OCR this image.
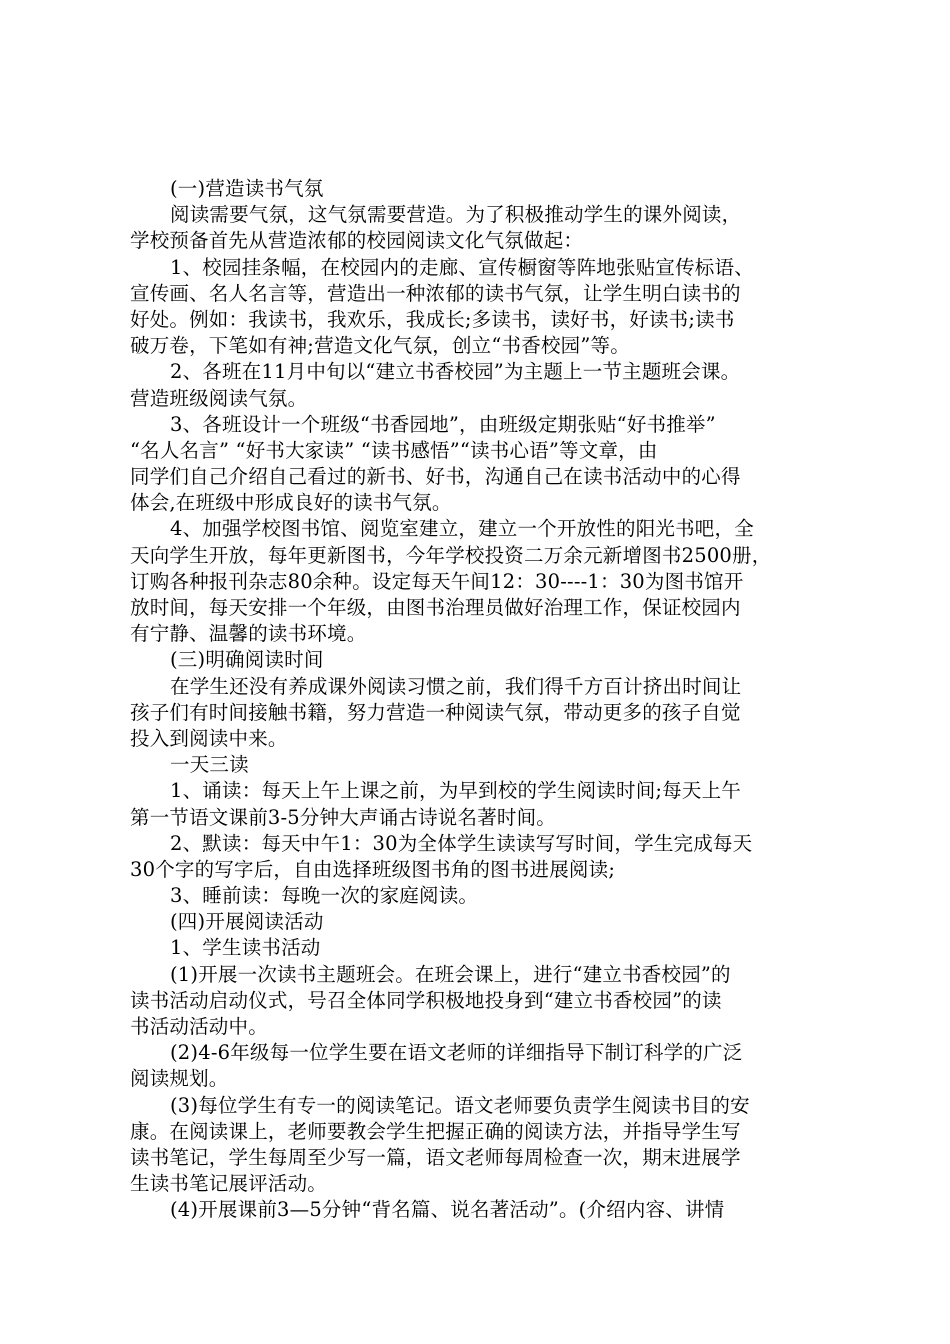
(一)营造读书气氛
阅读需要气氛，这气氛需要营造。为了积极推动学生的课外阅读，
学校预备首先从营造浓郁的校园阅读文化气氛做起：
1、校园挂条幅，在校园内的走廊、宣传橱窗等阵地张贴宣传标语、
宣传画、名人名言等，营造出一种浓郁的读书气氛，让学生明白读书的
好处。例如：我读书，我欢乐，我成长;多读书，读好书，好读书;读书
破万卷，下笔如有神;营造文化气氛，创立“书香校园”等。
2、各班在11月中旬以“建立书香校园”为主题上一节主题班会课。
营造班级阅读气氛。
3、各班设计一个班级“书香园地”，由班级定期张贴“好书推举”
“名人名言” “好书大家读” “读书感悟”“读书心语”等文章，由
同学们自己介绍自己看过的新书、好书，沟通自己在读书活动中的心得
体会,在班级中形成良好的读书气氛。
4、加强学校图书馆、阅览室建立，建立一个开放性的阳光书吧，全
天向学生开放，每年更新图书，今年学校投资二万余元新增图书2500册，
订购各种报刊杂志80余种。设定每天午间12：30----1：30为图书馆开
放时间，每天安排一个年级，由图书治理员做好治理工作，保证校园内
有宁静、温馨的读书环境。
(三)明确阅读时间
在学生还没有养成课外阅读习惯之前，我们得千方百计挤出时间让
孩子们有时间接触书籍，努力营造一种阅读气氛，带动更多的孩子自觉
投入到阅读中来。
一天三读
1、诵读：每天上午上课之前，为早到校的学生阅读时间;每天上午
第一节语文课前3-5分钟大声诵古诗说名著时间。
2、默读：每天中午1：30为全体学生读读写写时间，学生完成每天
30个字的写字后，自由选择班级图书角的图书进展阅读;
3、睡前读：每晚一次的家庭阅读。
(四)开展阅读活动
1、学生读书活动
(1)开展一次读书主题班会。在班会课上，进行“建立书香校园”的
读书活动启动仪式，号召全体同学积极地投身到“建立书香校园”的读
书活动活动中。
(2)4-6年级每一位学生要在语文老师的详细指导下制订科学的广泛
阅读规划。
(3)每位学生有专一的阅读笔记。语文老师要负责学生阅读书目的安
康。在阅读课上，老师要教会学生把握正确的阅读方法，并指导学生写
读书笔记，学生每周至少写一篇，语文老师每周检查一次，期末进展学
生读书笔记展评活动。
(4)开展课前3—5分钟“背名篇、说名著活动”。(介绍内容、讲情
